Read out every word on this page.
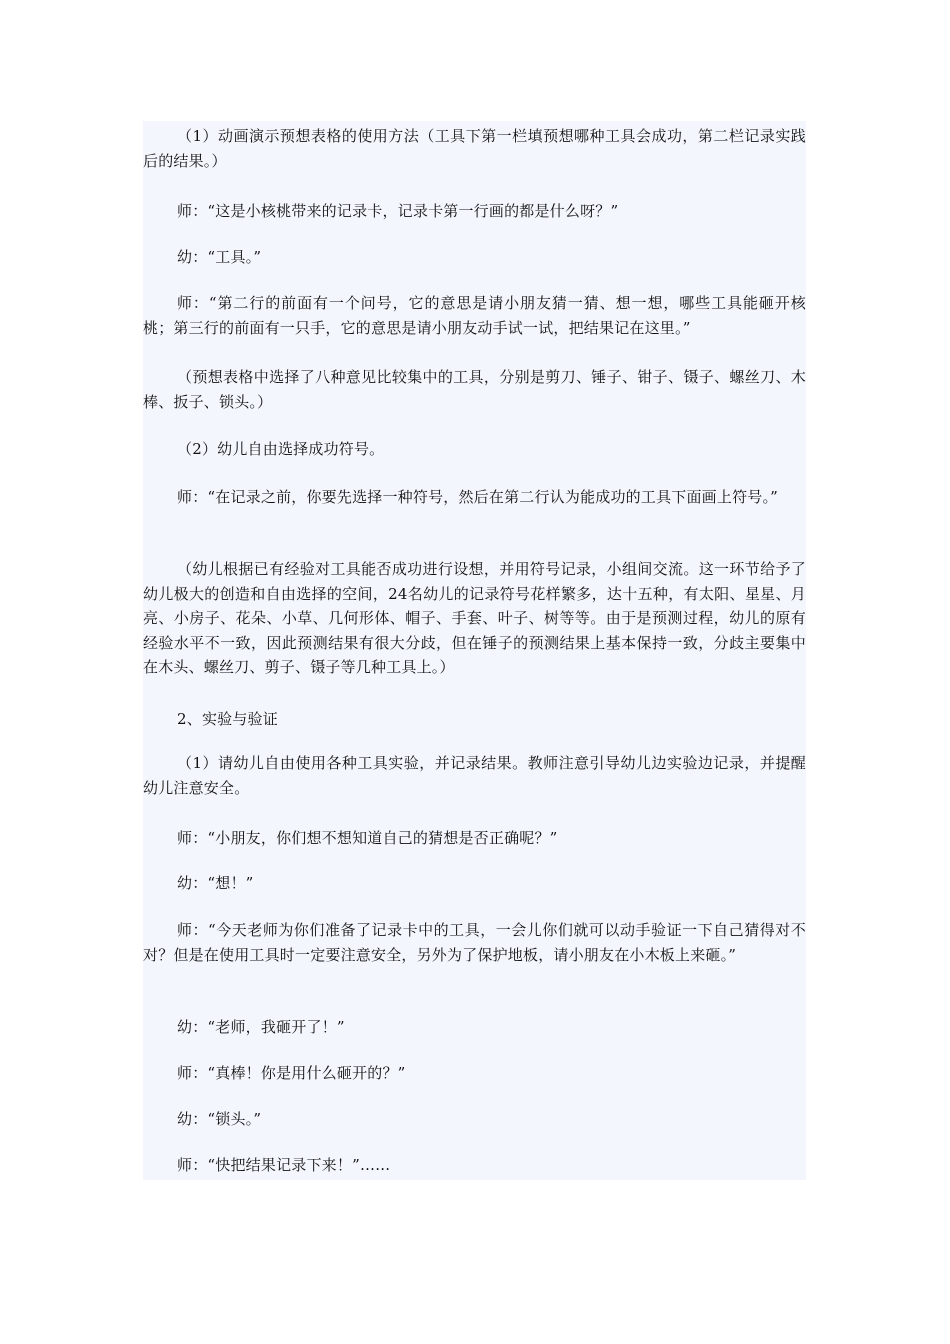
（1）动画演示预想表格的使用方法（工具下第一栏填预想哪种工具会成功，第二栏记录实践后的结果。）

师：“这是小核桃带来的记录卡，记录卡第一行画的都是什么呀？”

幼：“工具。”

师：“第二行的前面有一个问号，它的意思是请小朋友猜一猜、想一想，哪些工具能砸开核桃；第三行的前面有一只手，它的意思是请小朋友动手试一试，把结果记在这里。”

（预想表格中选择了八种意见比较集中的工具，分别是剪刀、锤子、钳子、镊子、螺丝刀、木棒、扳子、锁头。）

（2）幼儿自由选择成功符号。

师：“在记录之前，你要先选择一种符号，然后在第二行认为能成功的工具下面画上符号。”

（幼儿根据已有经验对工具能否成功进行设想，并用符号记录，小组间交流。这一环节给予了幼儿极大的创造和自由选择的空间，24名幼儿的记录符号花样繁多，达十五种，有太阳、星星、月亮、小房子、花朵、小草、几何形体、帽子、手套、叶子、树等等。由于是预测过程，幼儿的原有经验水平不一致，因此预测结果有很大分歧，但在锤子的预测结果上基本保持一致，分歧主要集中在木头、螺丝刀、剪子、镊子等几种工具上。）

2、实验与验证

（1）请幼儿自由使用各种工具实验，并记录结果。教师注意引导幼儿边实验边记录，并提醒幼儿注意安全。

师：“小朋友，你们想不想知道自己的猜想是否正确呢？”

幼：“想！”

师：“今天老师为你们准备了记录卡中的工具，一会儿你们就可以动手验证一下自己猜得对不对？但是在使用工具时一定要注意安全，另外为了保护地板，请小朋友在小木板上来砸。”

幼：“老师，我砸开了！”

师：“真棒！你是用什么砸开的？”

幼：“锁头。”

师：“快把结果记录下来！”……
